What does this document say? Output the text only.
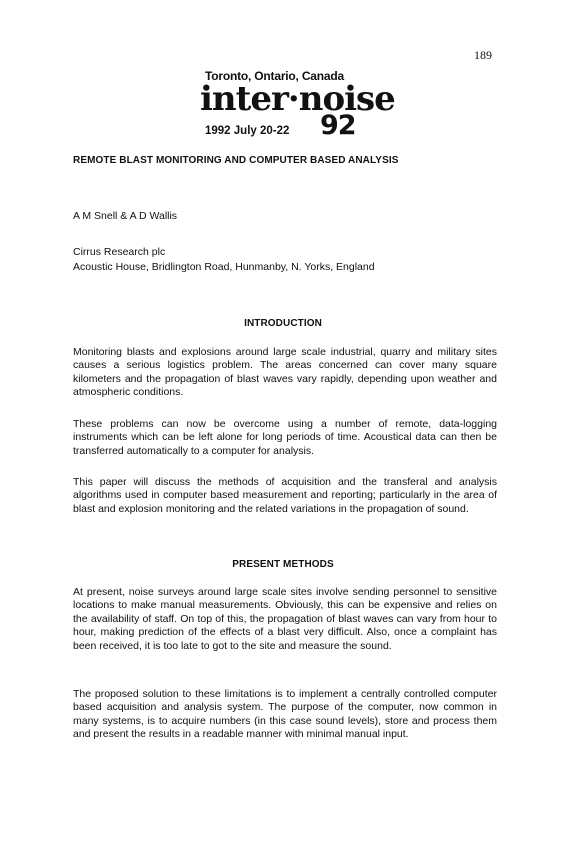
189
Toronto, Ontario, Canada
inter·noise
1992 July 20-22 92
REMOTE BLAST MONITORING AND COMPUTER BASED ANALYSIS
A M Snell & A D Wallis
Cirrus Research plc
Acoustic House, Bridlington Road, Hunmanby, N. Yorks, England
INTRODUCTION

Monitoring blasts and explosions around large scale industrial, quarry and military sites causes a serious logistics problem. The areas concerned can cover many square kilometers and the propagation of blast waves vary rapidly, depending upon weather and atmospheric conditions.

These problems can now be overcome using a number of remote, data-logging instruments which can be left alone for long periods of time. Acoustical data can then be transferred automatically to a computer for analysis.

This paper will discuss the methods of acquisition and the transferal and analysis algorithms used in computer based measurement and reporting; particularly in the area of blast and explosion monitoring and the related variations in the propagation of sound.

PRESENT METHODS

At present, noise surveys around large scale sites involve sending personnel to sensitive locations to make manual measurements. Obviously, this can be expensive and relies on the availability of staff. On top of this, the propagation of blast waves can vary from hour to hour, making prediction of the effects of a blast very difficult. Also, once a complaint has been received, it is too late to got to the site and measure the sound.

The proposed solution to these limitations is to implement a centrally controlled computer based acquisition and analysis system. The purpose of the computer, now common in many systems, is to acquire numbers (in this case sound levels), store and process them and present the results in a readable manner with minimal manual input.
